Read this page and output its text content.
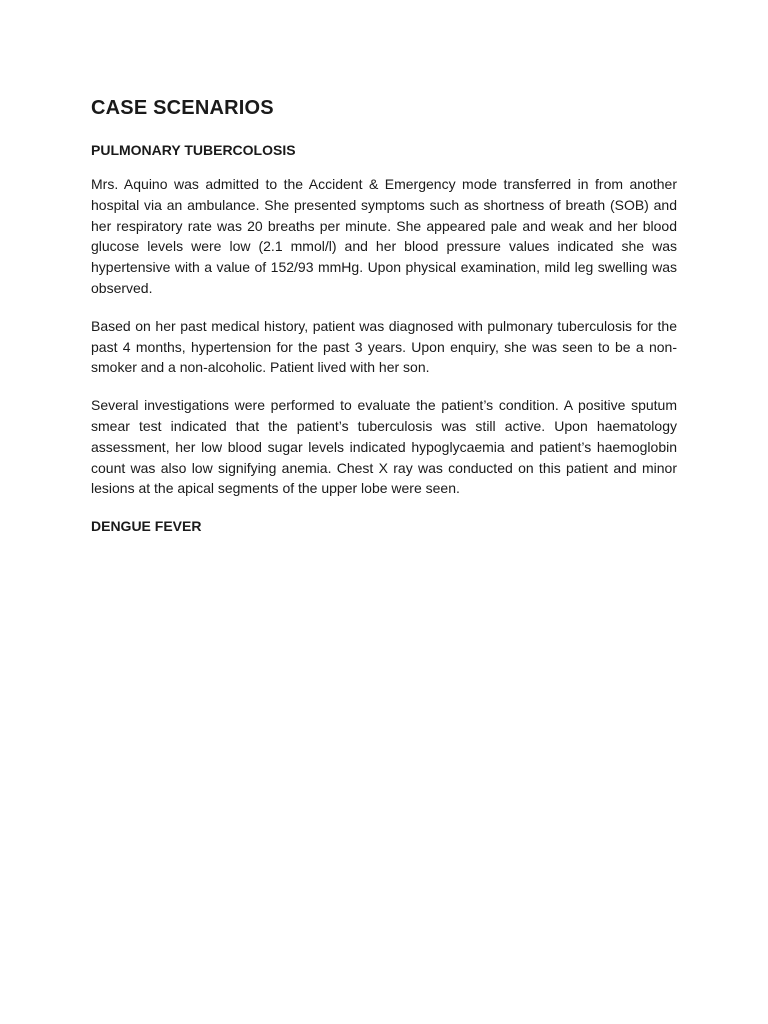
CASE SCENARIOS
PULMONARY TUBERCOLOSIS

Mrs. Aquino was admitted to the Accident & Emergency mode transferred in from another hospital via an ambulance. She presented symptoms such as shortness of breath (SOB) and her respiratory rate was 20 breaths per minute. She appeared pale and weak and her blood glucose levels were low (2.1 mmol/l) and her blood pressure values indicated she was hypertensive with a value of 152/93 mmHg. Upon physical examination, mild leg swelling was observed.

Based on her past medical history, patient was diagnosed with pulmonary tuberculosis for the past 4 months, hypertension for the past 3 years. Upon enquiry, she was seen to be a non-smoker and a non-alcoholic. Patient lived with her son.

Several investigations were performed to evaluate the patient’s condition. A positive sputum smear test indicated that the patient’s tuberculosis was still active. Upon haematology assessment, her low blood sugar levels indicated hypoglycaemia and patient’s haemoglobin count was also low signifying anemia. Chest X ray was conducted on this patient and minor lesions at the apical segments of the upper lobe were seen.

DENGUE FEVER
